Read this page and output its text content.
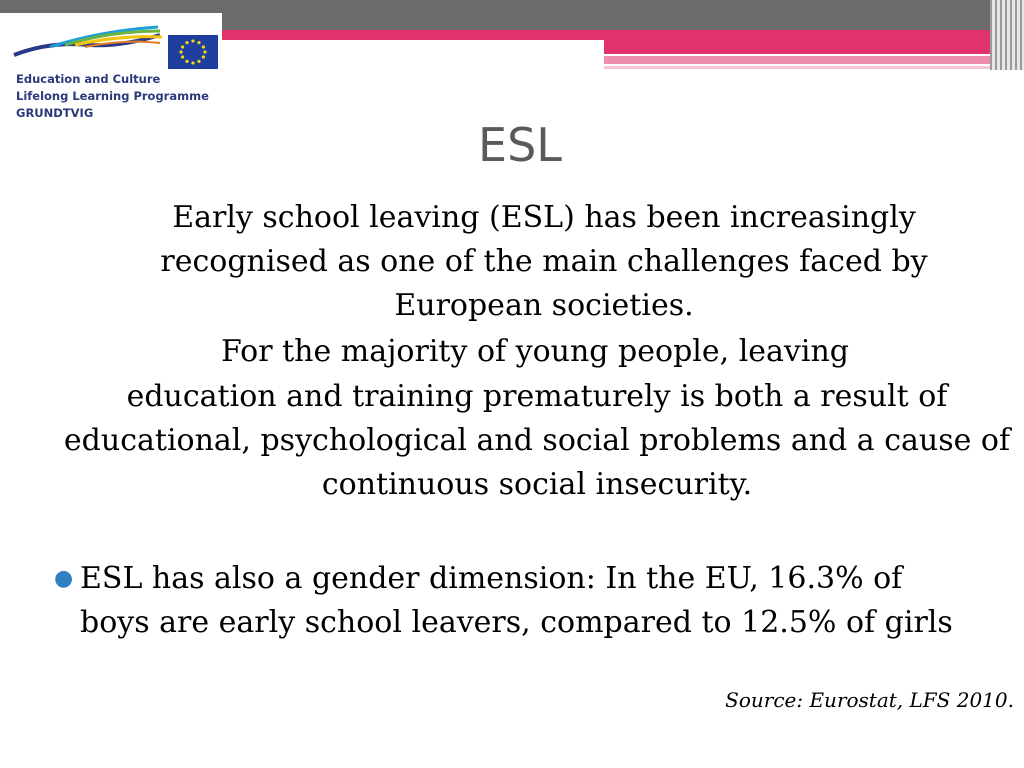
Education and Culture
Lifelong Learning Programme
GRUNDTVIG
ESL
Early school leaving (ESL) has been increasingly recognised as one of the main challenges faced by European societies.
For the majority of young people, leaving
education and training prematurely is both a result of educational, psychological and social problems and a cause of continuous social insecurity.
● ESL has also a gender dimension: In the EU, 16.3% of boys are early school leavers, compared to 12.5% of girls
Source: Eurostat, LFS 2010.
